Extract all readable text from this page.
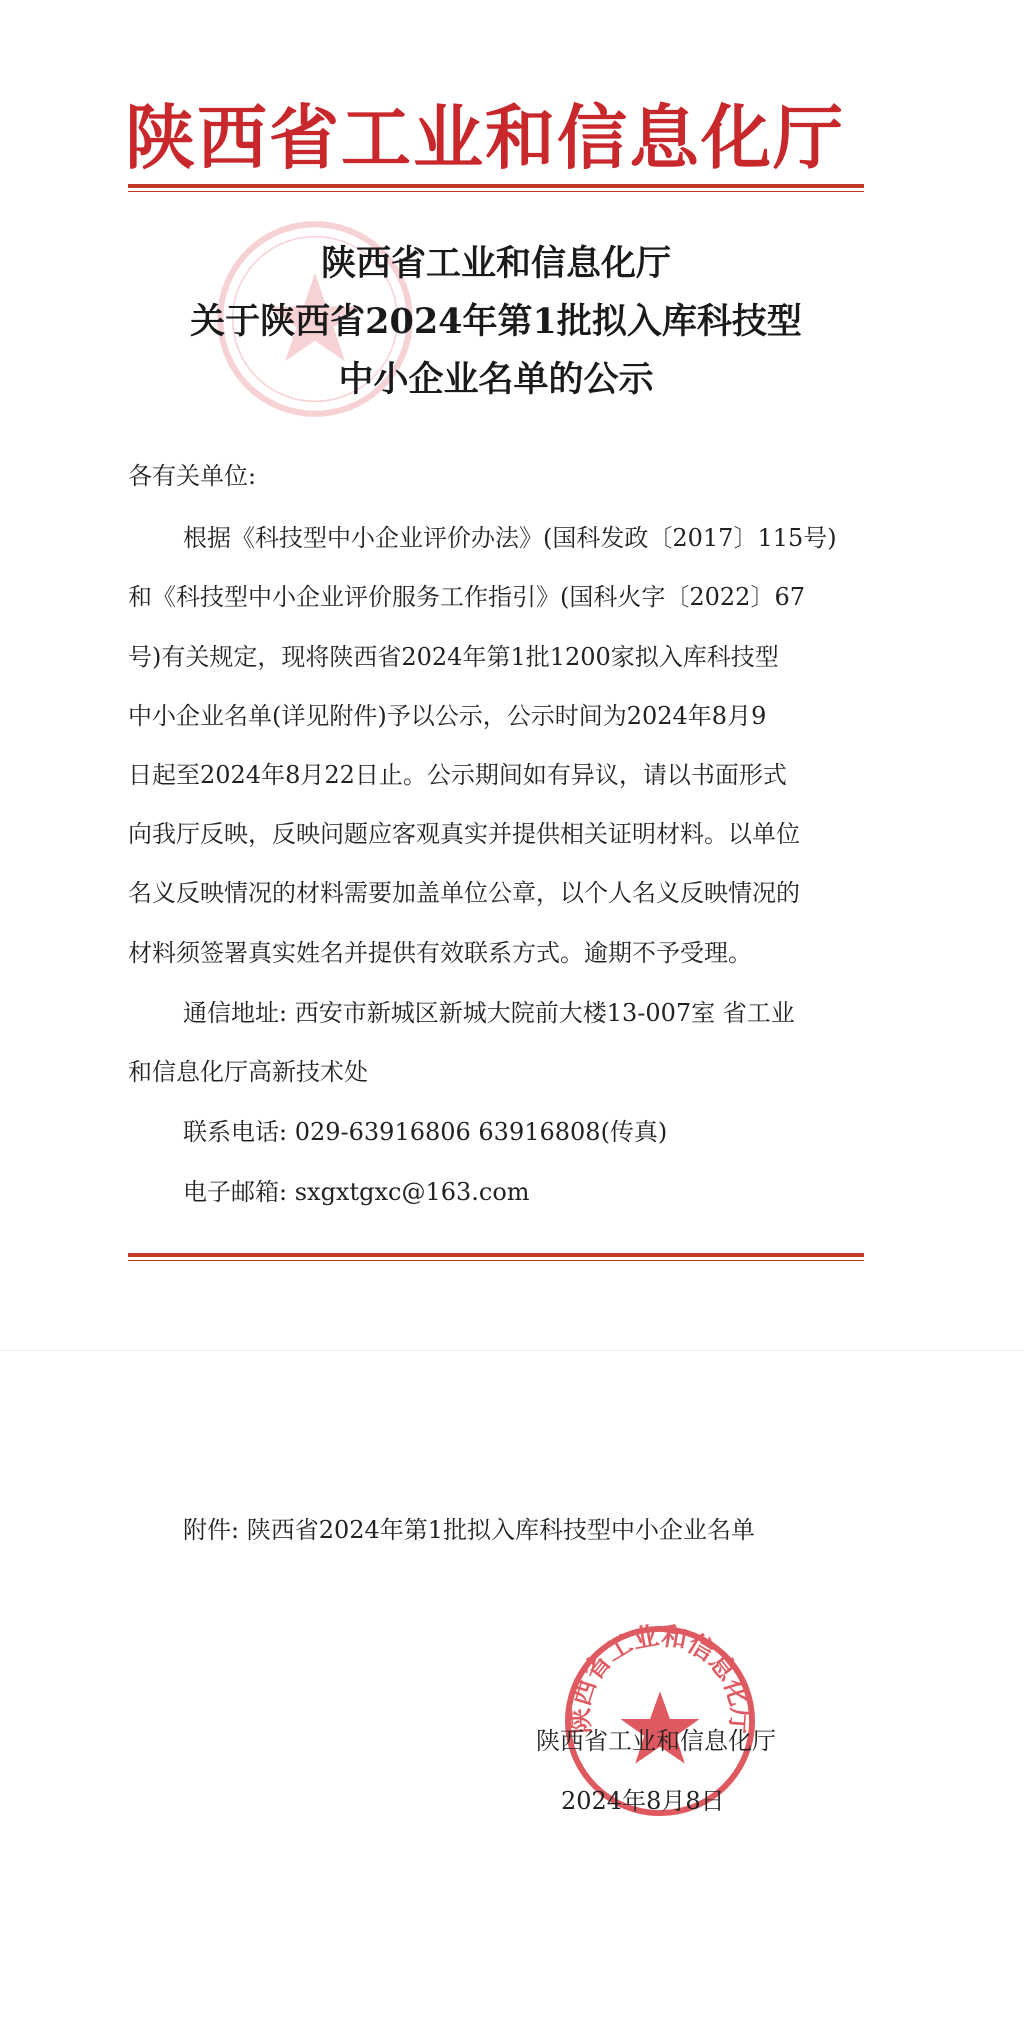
陕西省工业和信息化厅
陕西省工业和信息化厅
关于陕西省2024年第1批拟入库科技型
中小企业名单的公示
各有关单位:
根据《科技型中小企业评价办法》(国科发政〔2017〕115号)
和《科技型中小企业评价服务工作指引》(国科火字〔2022〕67
号)有关规定，现将陕西省2024年第1批1200家拟入库科技型
中小企业名单(详见附件)予以公示，公示时间为2024年8月9
日起至2024年8月22日止。公示期间如有异议，请以书面形式
向我厅反映，反映问题应客观真实并提供相关证明材料。以单位
名义反映情况的材料需要加盖单位公章，以个人名义反映情况的
材料须签署真实姓名并提供有效联系方式。逾期不予受理。
通信地址: 西安市新城区新城大院前大楼13-007室 省工业
和信息化厅高新技术处
联系电话: 029-63916806 63916808(传真)
电子邮箱: sxgxtgxc@163.com
附件: 陕西省2024年第1批拟入库科技型中小企业名单
陕西省工业和信息化厅
陕西省工业和信息化厅
2024年8月8日
